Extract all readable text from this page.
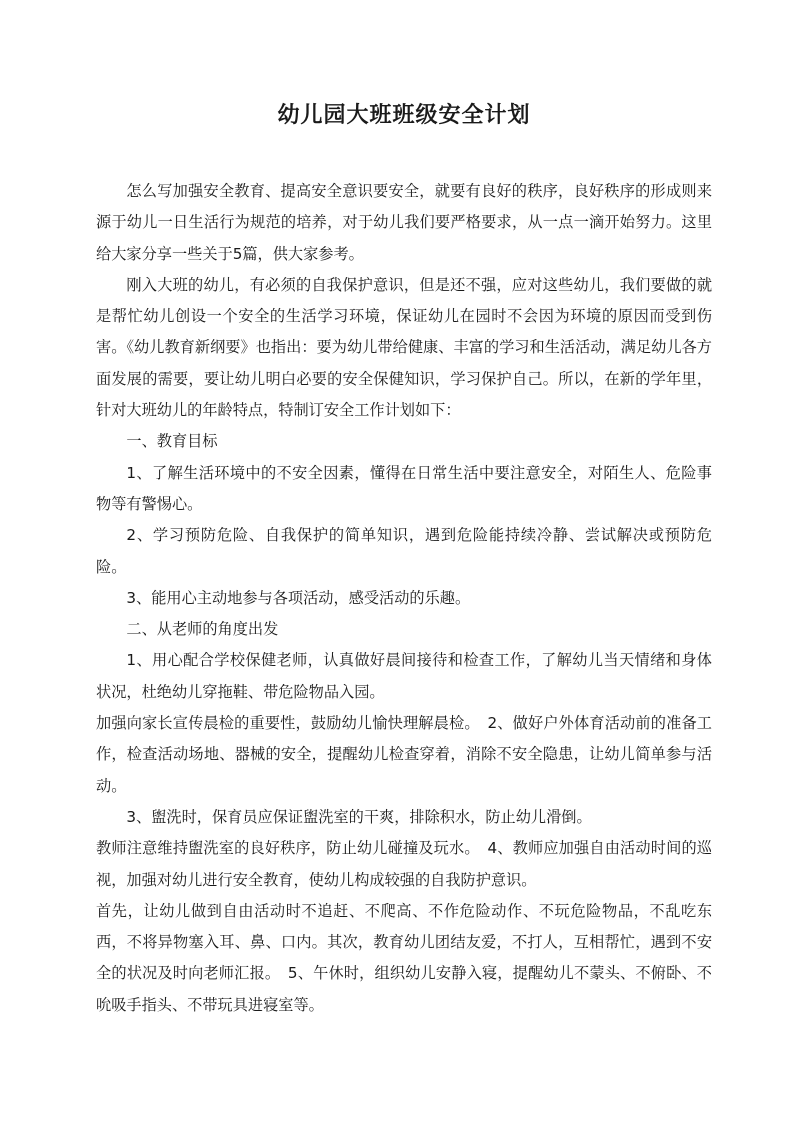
幼儿园大班班级安全计划

怎么写加强安全教育、提高安全意识要安全，就要有良好的秩序，良好秩序的形成则来源于幼儿一日生活行为规范的培养，对于幼儿我们要严格要求，从一点一滴开始努力。这里给大家分享一些关于5篇，供大家参考。

刚入大班的幼儿，有必须的自我保护意识，但是还不强，应对这些幼儿，我们要做的就是帮忙幼儿创设一个安全的生活学习环境，保证幼儿在园时不会因为环境的原因而受到伤害。《幼儿教育新纲要》也指出：要为幼儿带给健康、丰富的学习和生活活动，满足幼儿各方面发展的需要，要让幼儿明白必要的安全保健知识，学习保护自己。所以，在新的学年里，针对大班幼儿的年龄特点，特制订安全工作计划如下：

一、教育目标

1、了解生活环境中的不安全因素，懂得在日常生活中要注意安全，对陌生人、危险事物等有警惕心。

2、学习预防危险、自我保护的简单知识，遇到危险能持续冷静、尝试解决或预防危险。

3、能用心主动地参与各项活动，感受活动的乐趣。

二、从老师的角度出发

1、用心配合学校保健老师，认真做好晨间接待和检查工作，了解幼儿当天情绪和身体状况，杜绝幼儿穿拖鞋、带危险物品入园。

加强向家长宣传晨检的重要性，鼓励幼儿愉快理解晨检。　2、做好户外体育活动前的准备工作，检查活动场地、器械的安全，提醒幼儿检查穿着，消除不安全隐患，让幼儿简单参与活动。

3、盥洗时，保育员应保证盥洗室的干爽，排除积水，防止幼儿滑倒。

教师注意维持盥洗室的良好秩序，防止幼儿碰撞及玩水。　4、教师应加强自由活动时间的巡视，加强对幼儿进行安全教育，使幼儿构成较强的自我防护意识。

首先，让幼儿做到自由活动时不追赶、不爬高、不作危险动作、不玩危险物品，不乱吃东西，不将异物塞入耳、鼻、口内。其次，教育幼儿团结友爱，不打人，互相帮忙，遇到不安全的状况及时向老师汇报。　5、午休时，组织幼儿安静入寝，提醒幼儿不蒙头、不俯卧、不吮吸手指头、不带玩具进寝室等。
